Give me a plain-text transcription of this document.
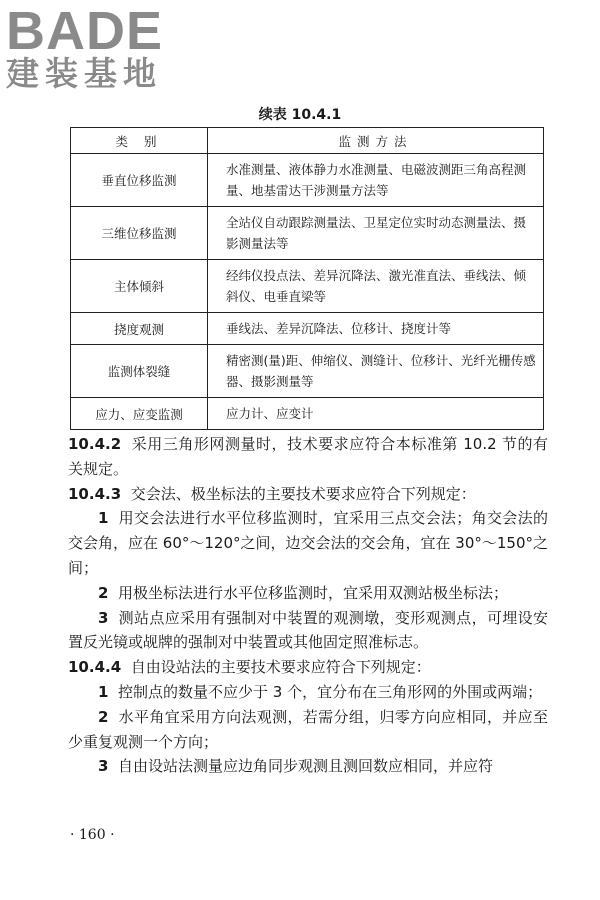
BADE
建装基地
续表 10.4.1
类 别	监测方法
垂直位移监测	水准测量、液体静力水准测量、电磁波测距三角高程测量、地基雷达干涉测量方法等
三维位移监测	全站仪自动跟踪测量法、卫星定位实时动态测量法、摄影测量法等
主体倾斜	经纬仪投点法、差异沉降法、激光准直法、垂线法、倾斜仪、电垂直梁等
挠度观测	垂线法、差异沉降法、位移计、挠度计等
监测体裂缝	精密测(量)距、伸缩仪、测缝计、位移计、光纤光栅传感器、摄影测量等
应力、应变监测	应力计、应变计
10.4.2 采用三角形网测量时，技术要求应符合本标准第 10.2 节的有关规定。
10.4.3 交会法、极坐标法的主要技术要求应符合下列规定：
1 用交会法进行水平位移监测时，宜采用三点交会法；角交会法的交会角，应在 60°～120°之间，边交会法的交会角，宜在 30°～150°之间；
2 用极坐标法进行水平位移监测时，宜采用双测站极坐标法；
3 测站点应采用有强制对中装置的观测墩，变形观测点，可埋设安置反光镜或觇牌的强制对中装置或其他固定照准标志。
10.4.4 自由设站法的主要技术要求应符合下列规定：
1 控制点的数量不应少于 3 个，宜分布在三角形网的外围或两端；
2 水平角宜采用方向法观测，若需分组，归零方向应相同，并应至少重复观测一个方向；
3 自由设站法测量应边角同步观测且测回数应相同，并应符
· 160 ·
